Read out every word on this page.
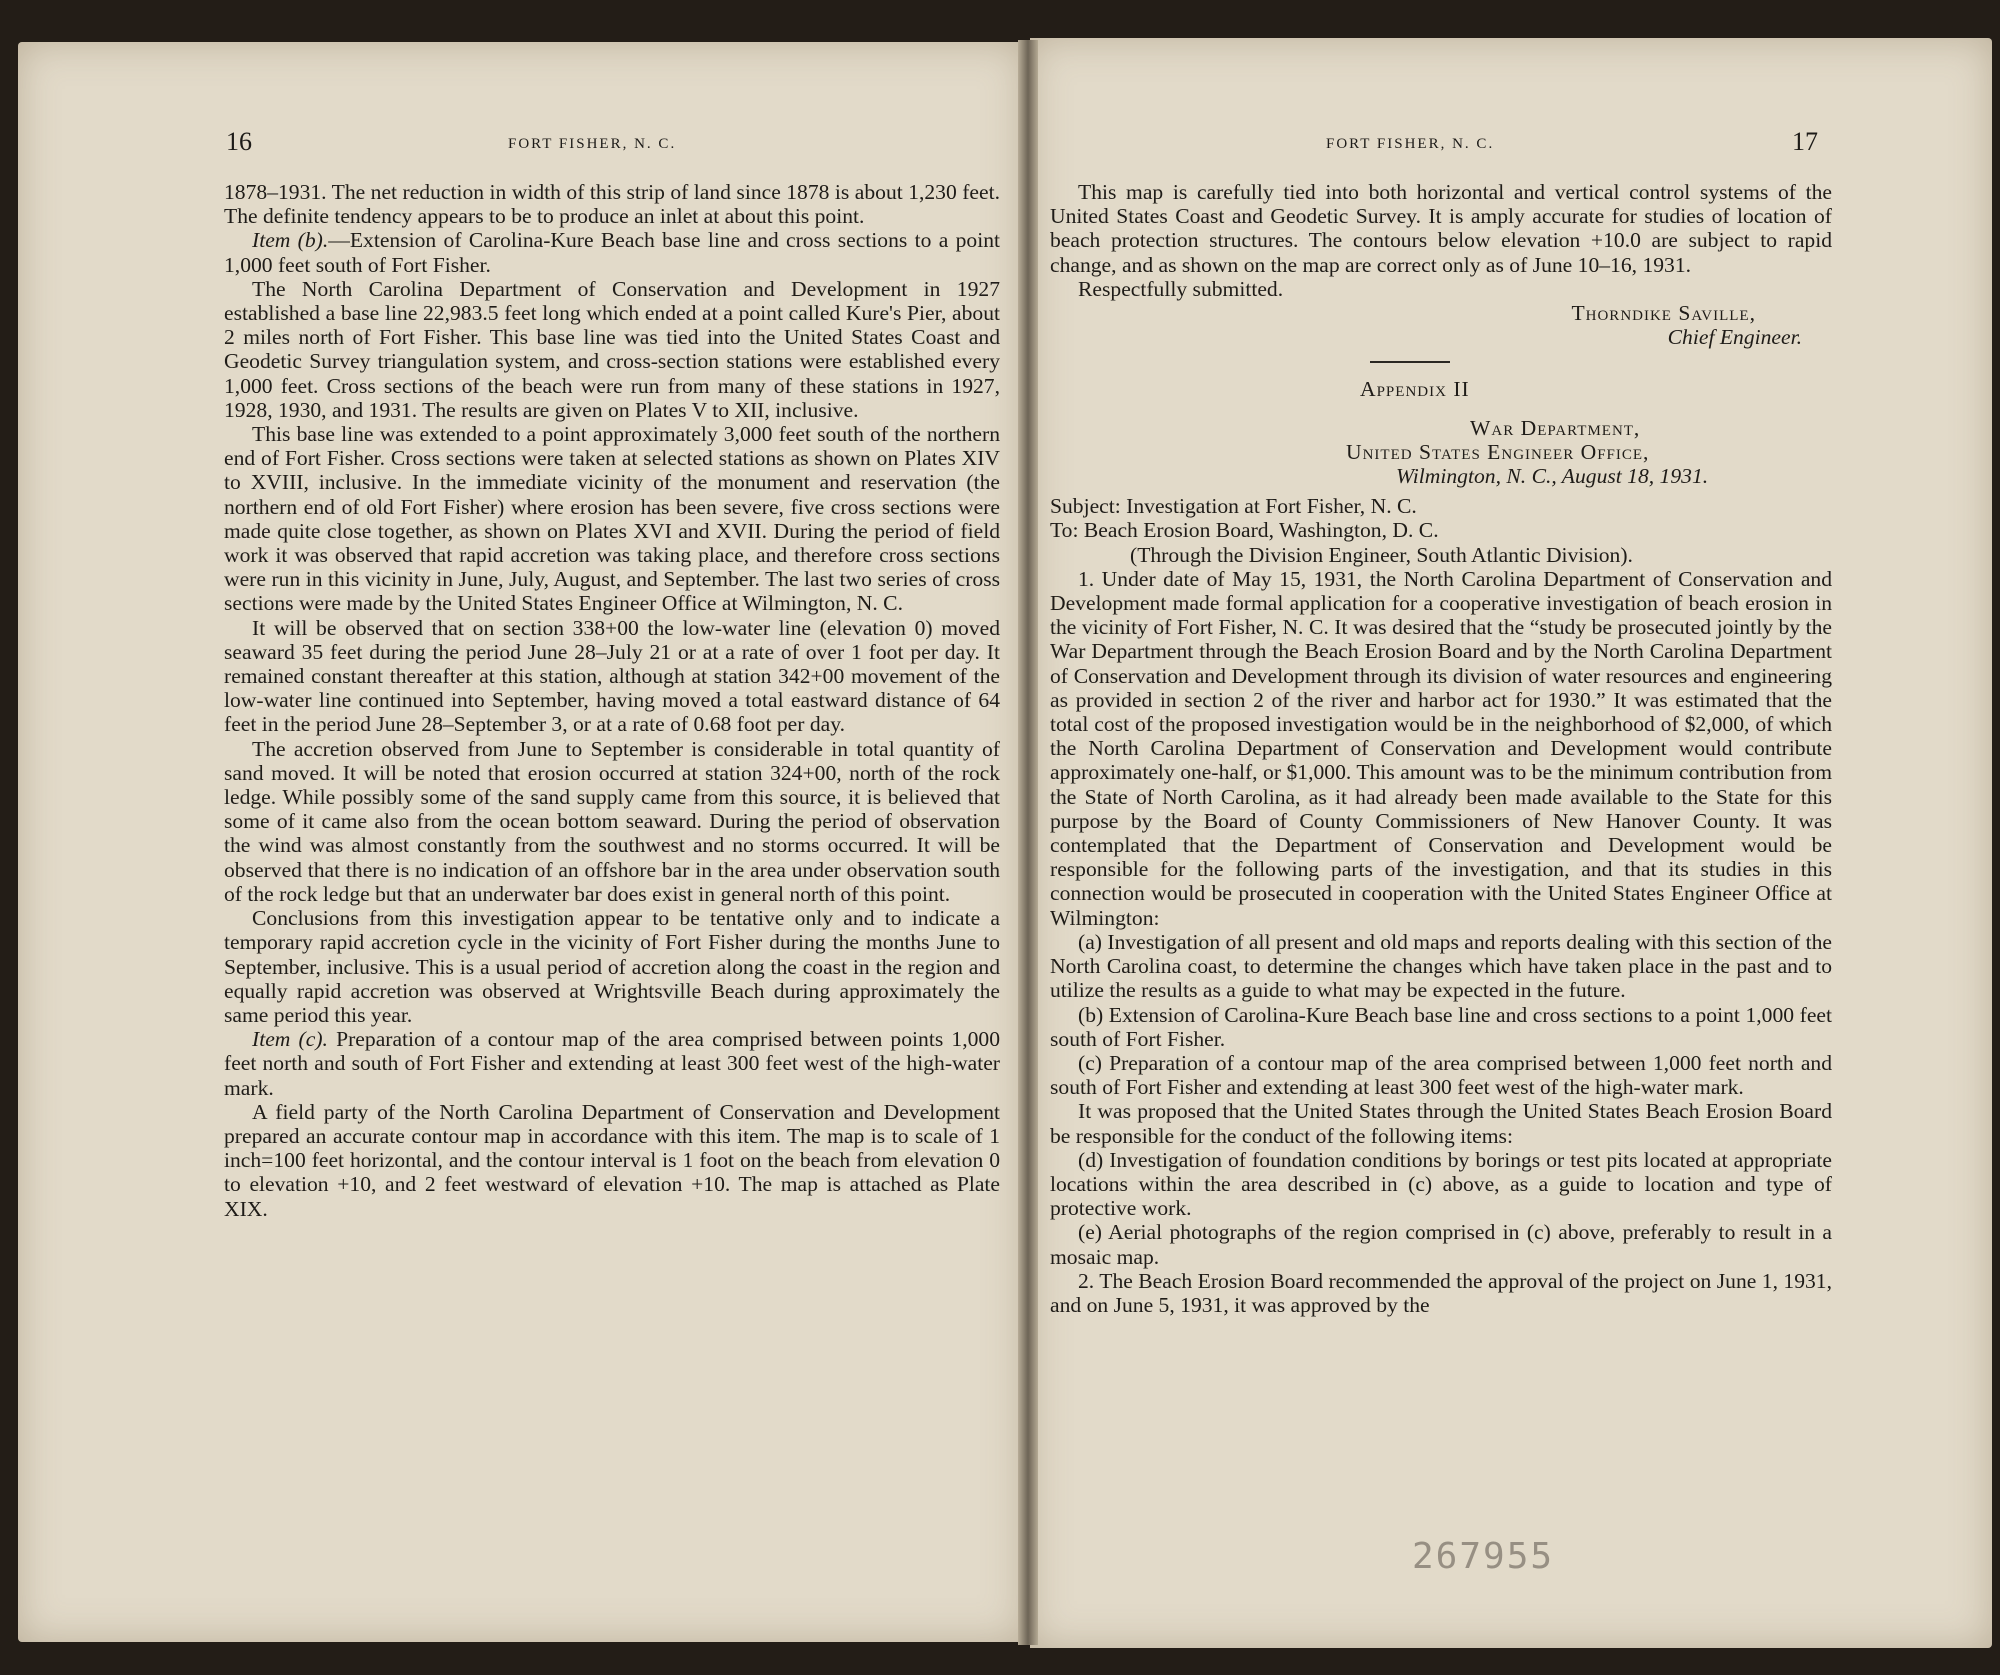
16	FORT FISHER, N. C.

1878–1931. The net reduction in width of this strip of land since 1878 is about 1,230 feet. The definite tendency appears to be to produce an inlet at about this point.

Item (b).—Extension of Carolina-Kure Beach base line and cross sections to a point 1,000 feet south of Fort Fisher.

The North Carolina Department of Conservation and Development in 1927 established a base line 22,983.5 feet long which ended at a point called Kure's Pier, about 2 miles north of Fort Fisher. This base line was tied into the United States Coast and Geodetic Survey triangulation system, and cross-section stations were established every 1,000 feet. Cross sections of the beach were run from many of these stations in 1927, 1928, 1930, and 1931. The results are given on Plates V to XII, inclusive.

This base line was extended to a point approximately 3,000 feet south of the northern end of Fort Fisher. Cross sections were taken at selected stations as shown on Plates XIV to XVIII, inclusive. In the immediate vicinity of the monument and reservation (the northern end of old Fort Fisher) where erosion has been severe, five cross sections were made quite close together, as shown on Plates XVI and XVII. During the period of field work it was observed that rapid accretion was taking place, and therefore cross sections were run in this vicinity in June, July, August, and September. The last two series of cross sections were made by the United States Engineer Office at Wilmington, N. C.

It will be observed that on section 338+00 the low-water line (elevation 0) moved seaward 35 feet during the period June 28–July 21 or at a rate of over 1 foot per day. It remained constant thereafter at this station, although at station 342+00 movement of the low-water line continued into September, having moved a total eastward distance of 64 feet in the period June 28–September 3, or at a rate of 0.68 foot per day.

The accretion observed from June to September is considerable in total quantity of sand moved. It will be noted that erosion occurred at station 324+00, north of the rock ledge. While possibly some of the sand supply came from this source, it is believed that some of it came also from the ocean bottom seaward. During the period of observation the wind was almost constantly from the southwest and no storms occurred. It will be observed that there is no indication of an offshore bar in the area under observation south of the rock ledge but that an underwater bar does exist in general north of this point.

Conclusions from this investigation appear to be tentative only and to indicate a temporary rapid accretion cycle in the vicinity of Fort Fisher during the months June to September, inclusive. This is a usual period of accretion along the coast in the region and equally rapid accretion was observed at Wrightsville Beach during approximately the same period this year.

Item (c). Preparation of a contour map of the area comprised between points 1,000 feet north and south of Fort Fisher and extending at least 300 feet west of the high-water mark.

A field party of the North Carolina Department of Conservation and Development prepared an accurate contour map in accordance with this item. The map is to scale of 1 inch=100 feet horizontal, and the contour interval is 1 foot on the beach from elevation 0 to elevation +10, and 2 feet westward of elevation +10. The map is attached as Plate XIX.

FORT FISHER, N. C.	17

This map is carefully tied into both horizontal and vertical control systems of the United States Coast and Geodetic Survey. It is amply accurate for studies of location of beach protection structures. The contours below elevation +10.0 are subject to rapid change, and as shown on the map are correct only as of June 10–16, 1931.

Respectfully submitted.

Thorndike Saville,
Chief Engineer.
Appendix II
War Department,
United States Engineer Office,
Wilmington, N. C., August 18, 1931.
Subject: Investigation at Fort Fisher, N. C.
To: Beach Erosion Board, Washington, D. C.
(Through the Division Engineer, South Atlantic Division).

1. Under date of May 15, 1931, the North Carolina Department of Conservation and Development made formal application for a cooperative investigation of beach erosion in the vicinity of Fort Fisher, N. C. It was desired that the “study be prosecuted jointly by the War Department through the Beach Erosion Board and by the North Carolina Department of Conservation and Development through its division of water resources and engineering as provided in section 2 of the river and harbor act for 1930.” It was estimated that the total cost of the proposed investigation would be in the neighborhood of $2,000, of which the North Carolina Department of Conservation and Development would contribute approximately one-half, or $1,000. This amount was to be the minimum contribution from the State of North Carolina, as it had already been made available to the State for this purpose by the Board of County Commissioners of New Hanover County. It was contemplated that the Department of Conservation and Development would be responsible for the following parts of the investigation, and that its studies in this connection would be prosecuted in cooperation with the United States Engineer Office at Wilmington:

(a) Investigation of all present and old maps and reports dealing with this section of the North Carolina coast, to determine the changes which have taken place in the past and to utilize the results as a guide to what may be expected in the future.

(b) Extension of Carolina-Kure Beach base line and cross sections to a point 1,000 feet south of Fort Fisher.

(c) Preparation of a contour map of the area comprised between 1,000 feet north and south of Fort Fisher and extending at least 300 feet west of the high-water mark.

It was proposed that the United States through the United States Beach Erosion Board be responsible for the conduct of the following items:

(d) Investigation of foundation conditions by borings or test pits located at appropriate locations within the area described in (c) above, as a guide to location and type of protective work.

(e) Aerial photographs of the region comprised in (c) above, preferably to result in a mosaic map.

2. The Beach Erosion Board recommended the approval of the project on June 1, 1931, and on June 5, 1931, it was approved by the

267955
